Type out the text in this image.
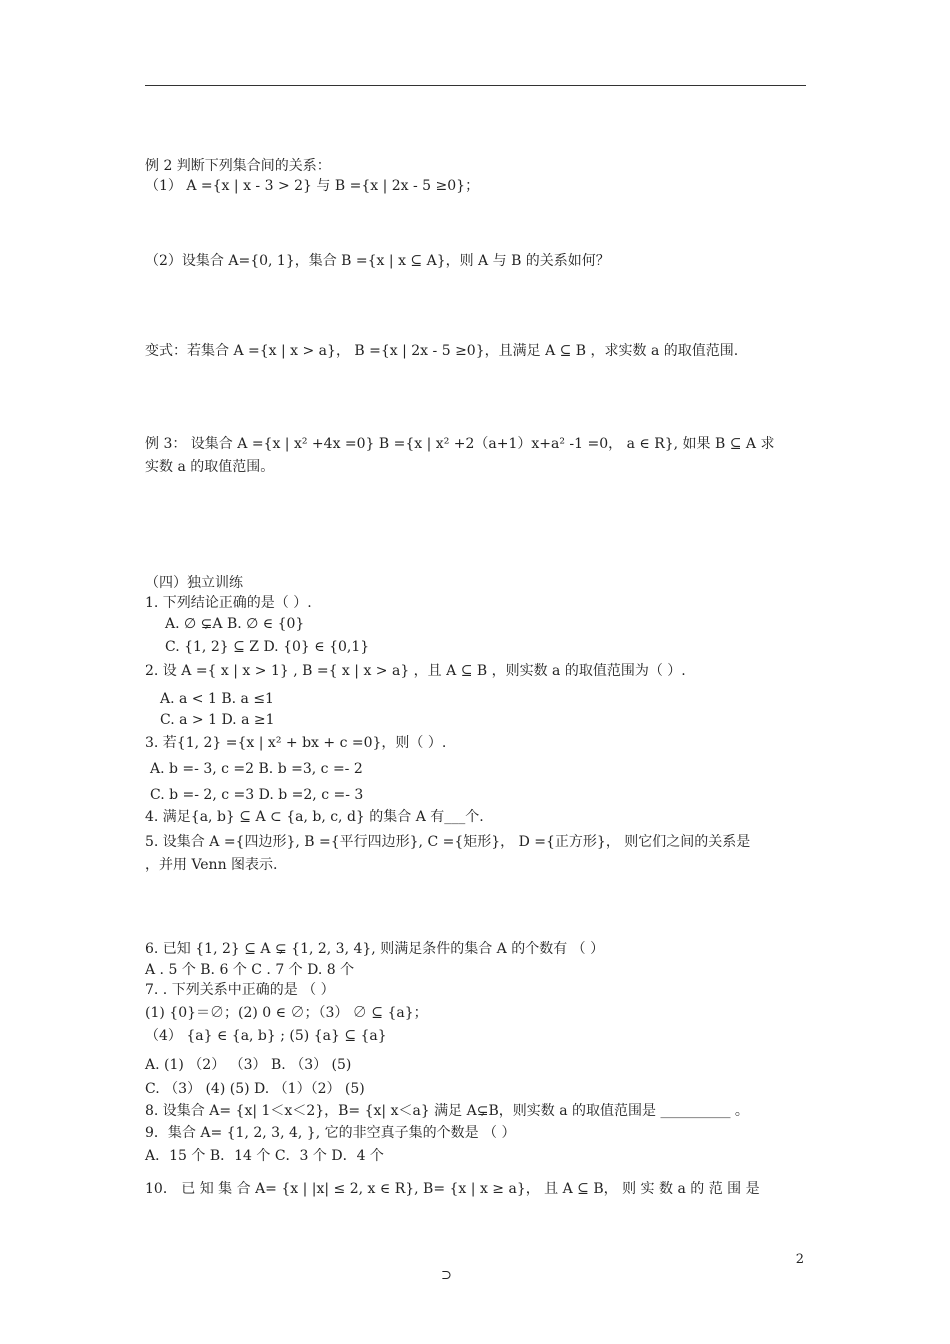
例 2 判断下列集合间的关系：
（1） A ={x | x - 3 > 2} 与 B ={x | 2x - 5 ≥0}；
（2）设集合 A={0, 1}，集合 B ={x | x ⊆ A}，则 A 与 B 的关系如何？
变式：若集合 A ={x | x > a}， B ={x | 2x - 5 ≥0}，且满足 A ⊆ B ，求实数 a 的取值范围.
例 3： 设集合 A ={x | x² +4x =0} B ={x | x² +2（a+1）x+a² -1 =0， a ∈ R}, 如果 B ⊆ A 求
实数 a 的取值范围。
（四）独立训练
1. 下列结论正确的是（ ）.
A. ∅ ⊊A B. ∅ ∈ {0}
C. {1, 2} ⊆ Z D. {0} ∈ {0,1}
2. 设 A ={ x | x > 1} , B ={ x | x > a} ，且 A ⊆ B ，则实数 a 的取值范围为（ ）.
A. a < 1 B. a ≤1
C. a > 1 D. a ≥1
3. 若{1, 2} ={x | x² + bx + c =0}，则（ ）.
A. b =- 3, c =2 B. b =3, c =- 2
C. b =- 2, c =3 D. b =2, c =- 3
4. 满足{a, b} ⊆ A ⊂ {a, b, c, d} 的集合 A 有___个.
5. 设集合 A ={四边形}, B ={平行四边形}, C ={矩形}， D ={正方形}， 则它们之间的关系是
，并用 Venn 图表示.
6. 已知 {1, 2} ⊆ A ⊊ {1, 2, 3, 4}, 则满足条件的集合 A 的个数有 （ ）
A . 5 个 B. 6 个 C . 7 个 D. 8 个
7. . 下列关系中正确的是 （ ）
(1) {0}＝∅；(2) 0 ∈ ∅；（3） ∅ ⊆ {a}；
（4） {a} ∈ {a, b} ; (5) {a} ⊆ {a}
A. (1) （2） （3） B. （3） (5)
C. （3） (4) (5) D. （1）（2） (5)
8. 设集合 A= {x| 1＜x＜2}，B= {x| x＜a} 满足 A⊊B，则实数 a 的取值范围是 __________ 。
9．集合 A= {1, 2, 3, 4, }, 它的非空真子集的个数是 （ ）
A．15 个 B．14 个 C．3 个 D．4 个
10． 已 知 集 合 A= {x | |x| ≤ 2, x ∈ R}, B= {x | x ≥ a}， 且 A ⊆ B， 则 实 数 a 的 范 围 是
2
⊃
